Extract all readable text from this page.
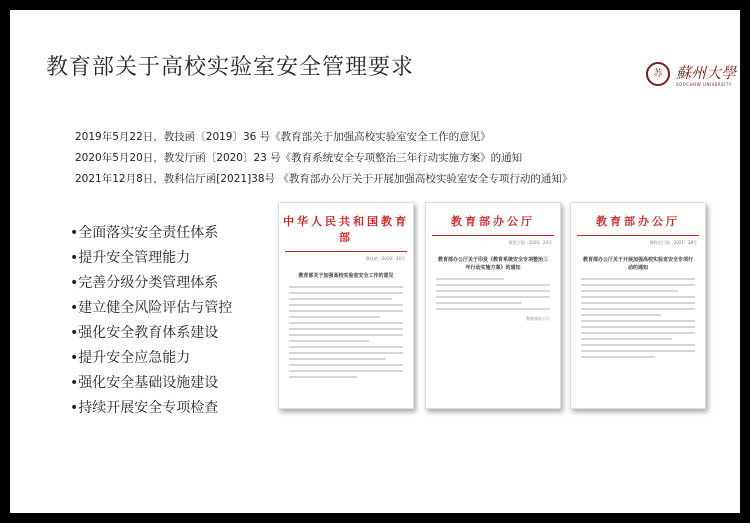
教育部关于高校实验室安全管理要求	苏 蘇州大學
SOOCHOW UNIVERSITY
2019年5月22日，教技函〔2019〕36 号《教育部关于加强高校实验室安全工作的意见》
2020年5月20日，教发厅函〔2020〕23 号《教育系统安全专项整治三年行动实施方案》的通知
2021年12月8日，教科信厅函[2021]38号 《教育部办公厅关于开展加强高校实验室安全专项行动的通知》
•全面落实安全责任体系
•提升安全管理能力
•完善分级分类管理体系
•建立健全风险评估与管控
•强化安全教育体系建设
•提升安全应急能力
•强化安全基础设施建设
•持续开展安全专项检查
中华人民共和国教育部
教技函〔2019〕36号
教育部关于加强高校实验室安全工作的意见
教育部办公厅
教发厅函〔2020〕23号
教育部办公厅关于印发《教育系统安全专项整治三年行动实施方案》的通知
教育部办公厅
教育部办公厅
教科信厅函〔2021〕38号
教育部办公厅关于开展加强高校实验室安全专项行动的通知
